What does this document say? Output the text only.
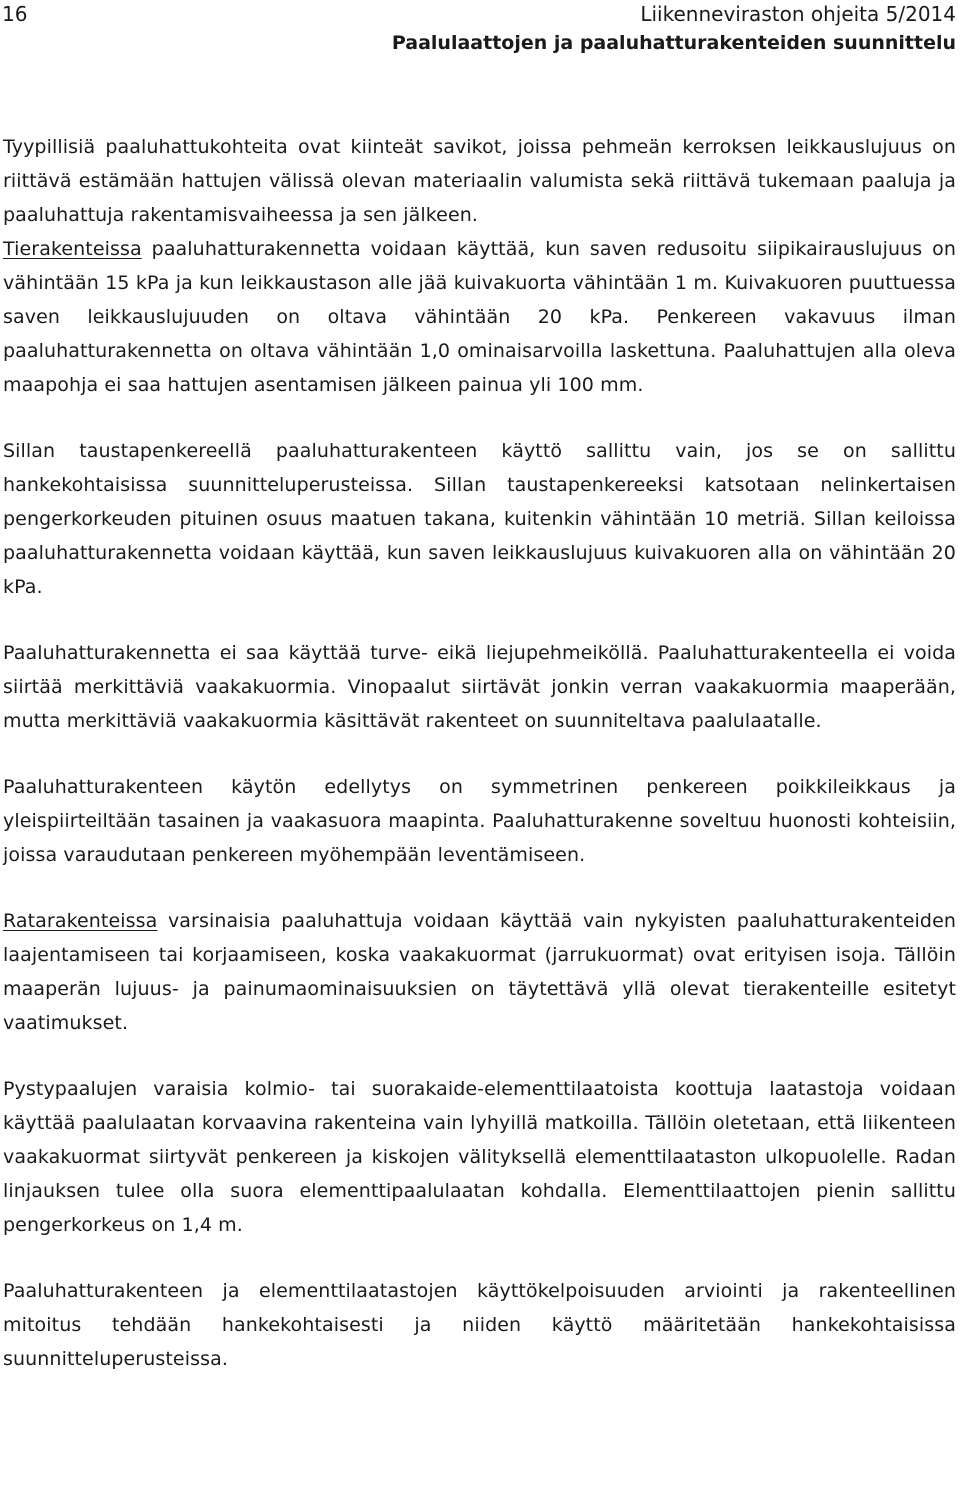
16	Liikenneviraston ohjeita 5/2014
Paalulaattojen ja paaluhatturakenteiden suunnittelu

Tyypillisiä paaluhattukohteita ovat kiinteät savikot, joissa pehmeän kerroksen leikkauslujuus on riittävä estämään hattujen välissä olevan materiaalin valumista sekä riittävä tukemaan paaluja ja paaluhattuja rakentamisvaiheessa ja sen jälkeen.

Tierakenteissa paaluhatturakennetta voidaan käyttää, kun saven redusoitu siipikairauslujuus on vähintään 15 kPa ja kun leikkaustason alle jää kuivakuorta vähintään 1 m. Kuivakuoren puuttuessa saven leikkauslujuuden on oltava vähintään 20 kPa. Penkereen vakavuus ilman paaluhatturakennetta on oltava vähintään 1,0 ominaisarvoilla laskettuna. Paaluhattujen alla oleva maapohja ei saa hattujen asentamisen jälkeen painua yli 100 mm.

Sillan taustapenkereellä paaluhatturakenteen käyttö sallittu vain, jos se on sallittu hankekohtaisissa suunnitteluperusteissa. Sillan taustapenkereeksi katsotaan nelinkertaisen pengerkorkeuden pituinen osuus maatuen takana, kuitenkin vähintään 10 metriä. Sillan keiloissa paaluhatturakennetta voidaan käyttää, kun saven leikkauslujuus kuivakuoren alla on vähintään 20 kPa.

Paaluhatturakennetta ei saa käyttää turve- eikä liejupehmeiköllä. Paaluhatturakenteella ei voida siirtää merkittäviä vaakakuormia. Vinopaalut siirtävät jonkin verran vaakakuormia maaperään, mutta merkittäviä vaakakuormia käsittävät rakenteet on suunniteltava paalulaatalle.

Paaluhatturakenteen käytön edellytys on symmetrinen penkereen poikkileikkaus ja yleispiirteiltään tasainen ja vaakasuora maapinta. Paaluhatturakenne soveltuu huonosti kohteisiin, joissa varaudutaan penkereen myöhempään leventämiseen.

Ratarakenteissa varsinaisia paaluhattuja voidaan käyttää vain nykyisten paaluhatturakenteiden laajentamiseen tai korjaamiseen, koska vaakakuormat (jarrukuormat) ovat erityisen isoja. Tällöin maaperän lujuus- ja painumaominaisuuksien on täytettävä yllä olevat tierakenteille esitetyt vaatimukset.

Pystypaalujen varaisia kolmio- tai suorakaide-elementtilaatoista koottuja laatastoja voidaan käyttää paalulaatan korvaavina rakenteina vain lyhyillä matkoilla. Tällöin oletetaan, että liikenteen vaakakuormat siirtyvät penkereen ja kiskojen välityksellä elementtilaataston ulkopuolelle. Radan linjauksen tulee olla suora elementtipaalulaatan kohdalla. Elementtilaattojen pienin sallittu pengerkorkeus on 1,4 m.

Paaluhatturakenteen ja elementtilaatastojen käyttökelpoisuuden arviointi ja rakenteellinen mitoitus tehdään hankekohtaisesti ja niiden käyttö määritetään hankekohtaisissa suunnitteluperusteissa.
